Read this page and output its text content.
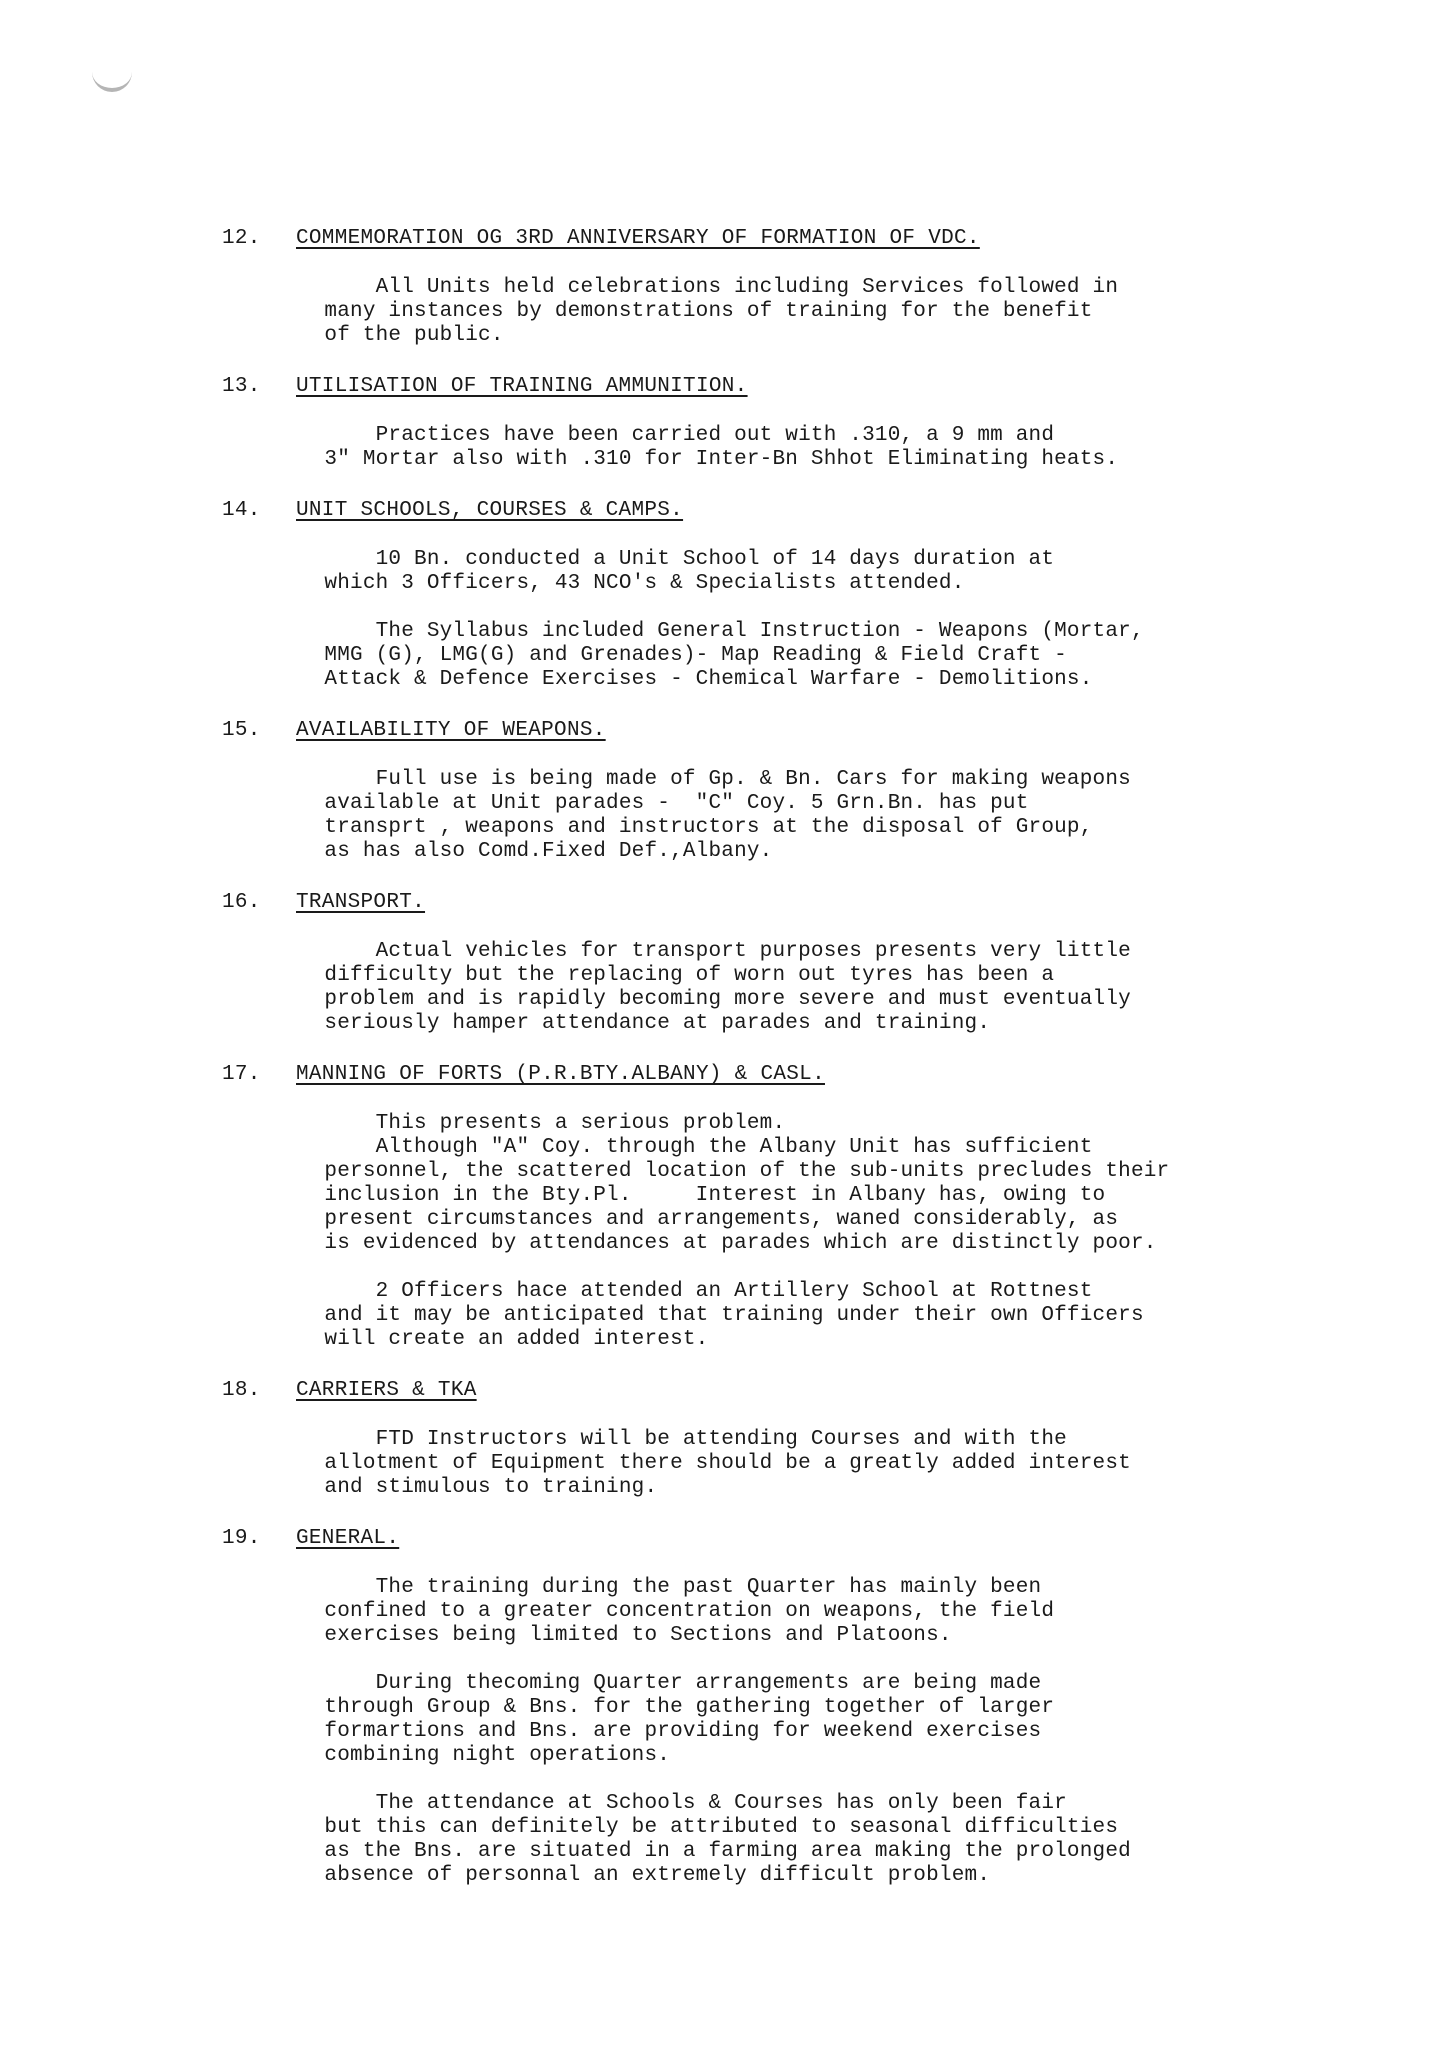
12. COMMEMORATION OG 3RD ANNIVERSARY OF FORMATION OF VDC.
All Units held celebrations including Services followed in
many instances by demonstrations of training for the benefit
of the public.
13. UTILISATION OF TRAINING AMMUNITION.
Practices have been carried out with .310, a 9 mm and
3" Mortar also with .310 for Inter-Bn Shhot Eliminating heats.
14. UNIT SCHOOLS, COURSES & CAMPS.
10 Bn. conducted a Unit School of 14 days duration at
which 3 Officers, 43 NCO's & Specialists attended.
The Syllabus included General Instruction - Weapons (Mortar,
MMG (G), LMG(G) and Grenades)- Map Reading & Field Craft -
Attack & Defence Exercises - Chemical Warfare - Demolitions.
15. AVAILABILITY OF WEAPONS.
Full use is being made of Gp. & Bn. Cars for making weapons
available at Unit parades -  "C" Coy. 5 Grn.Bn. has put
transprt , weapons and instructors at the disposal of Group,
as has also Comd.Fixed Def.,Albany.
16. TRANSPORT.
Actual vehicles for transport purposes presents very little
difficulty but the replacing of worn out tyres has been a
problem and is rapidly becoming more severe and must eventually
seriously hamper attendance at parades and training.
17. MANNING OF FORTS (P.R.BTY.ALBANY) & CASL.
This presents a serious problem.
Although "A" Coy. through the Albany Unit has sufficient
personnel, the scattered location of the sub-units precludes their
inclusion in the Bty.Pl.     Interest in Albany has, owing to
present circumstances and arrangements, waned considerably, as
is evidenced by attendances at parades which are distinctly poor.
2 Officers hace attended an Artillery School at Rottnest
and it may be anticipated that training under their own Officers
will create an added interest.
18. CARRIERS & TKA
FTD Instructors will be attending Courses and with the
allotment of Equipment there should be a greatly added interest
and stimulous to training.
19. GENERAL.
The training during the past Quarter has mainly been
confined to a greater concentration on weapons, the field
exercises being limited to Sections and Platoons.
During thecoming Quarter arrangements are being made
through Group & Bns. for the gathering together of larger
formartions and Bns. are providing for weekend exercises
combining night operations.
The attendance at Schools & Courses has only been fair
but this can definitely be attributed to seasonal difficulties
as the Bns. are situated in a farming area making the prolonged
absence of personnal an extremely difficult problem.
